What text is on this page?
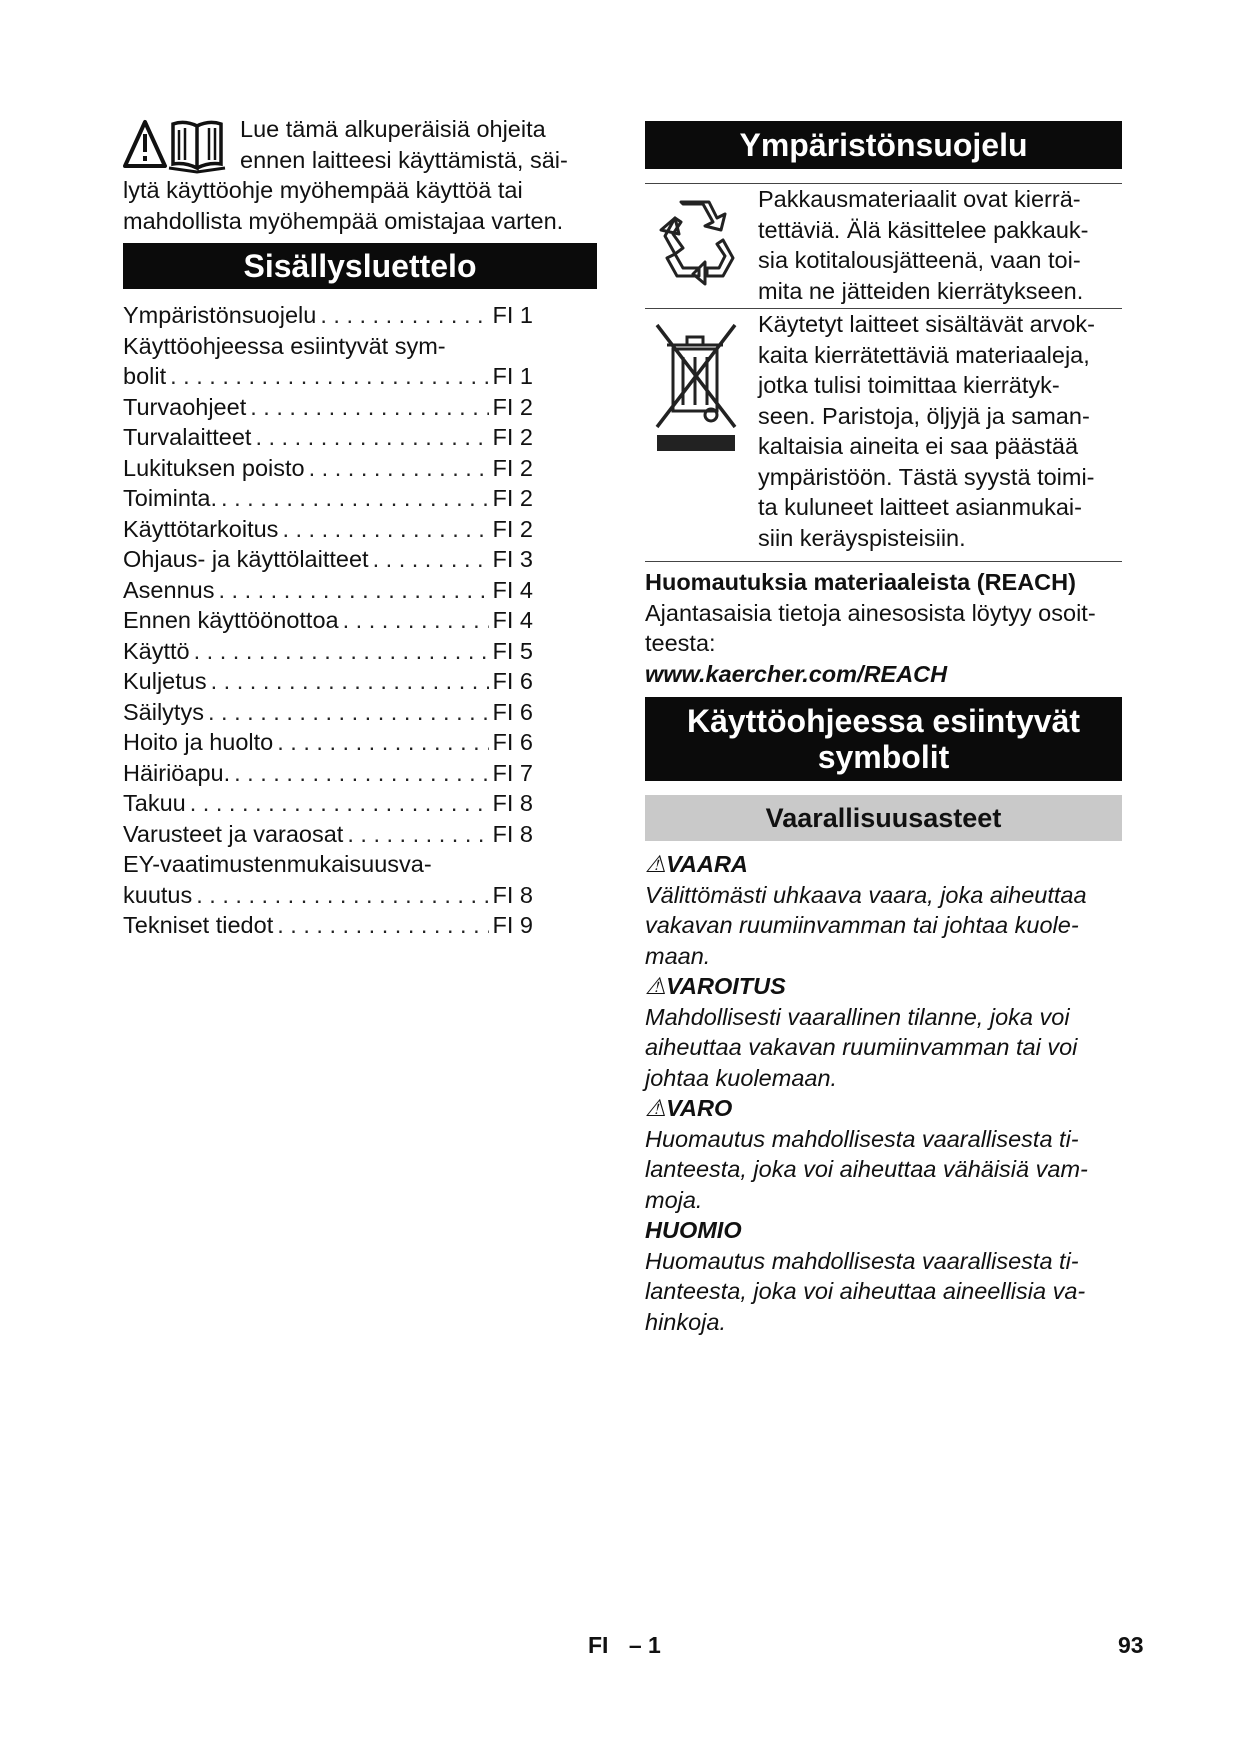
Lue tämä alkuperäisiä ohjeita
ennen laitteesi käyttämistä, säi-
lytä käyttöohje myöhempää käyttöä tai
mahdollista myöhempää omistajaa varten.
Sisällysluettelo
Ympäristönsuojelu . . .	FI 1
Käyttöohjeessa esiintyvät sym-
bolit . . .	FI 1
Turvaohjeet . . .	FI 2
Turvalaitteet . . .	FI 2
Lukituksen poisto . . .	FI 2
Toiminta. . . .	FI 2
Käyttötarkoitus . . .	FI 2
Ohjaus- ja käyttölaitteet . . .	FI 3
Asennus . . .	FI 4
Ennen käyttöönottoa . . .	FI 4
Käyttö . . .	FI 5
Kuljetus . . .	FI 6
Säilytys . . .	FI 6
Hoito ja huolto . . .	FI 6
Häiriöapu. . . .	FI 7
Takuu . . .	FI 8
Varusteet ja varaosat . . .	FI 8
EY-vaatimustenmukaisuusva-
kuutus . . .	FI 8
Tekniset tiedot . . .	FI 9
Ympäristönsuojelu
Pakkausmateriaalit ovat kierrä-
tettäviä. Älä käsittelee pakkauk-
sia kotitalousjätteenä, vaan toi-
mita ne jätteiden kierrätykseen.
Käytetyt laitteet sisältävät arvok-
kaita kierrätettäviä materiaaleja,
jotka tulisi toimittaa kierrätyk-
seen. Paristoja, öljyjä ja saman-
kaltaisia aineita ei saa päästää
ympäristöön. Tästä syystä toimi-
ta kuluneet laitteet asianmukai-
siin keräyspisteisiin.
Huomautuksia materiaaleista (REACH)
Ajantasaisia tietoja ainesosista löytyy osoit-
teesta:
www.kaercher.com/REACH
Käyttöohjeessa esiintyvät
symbolit
Vaarallisuusasteet
⚠VAARA
Välittömästi uhkaava vaara, joka aiheuttaa
vakavan ruumiinvamman tai johtaa kuole-
maan.
⚠VAROITUS
Mahdollisesti vaarallinen tilanne, joka voi
aiheuttaa vakavan ruumiinvamman tai voi
johtaa kuolemaan.
⚠VARO
Huomautus mahdollisesta vaarallisesta ti-
lanteesta, joka voi aiheuttaa vähäisiä vam-
moja.
HUOMIO
Huomautus mahdollisesta vaarallisesta ti-
lanteesta, joka voi aiheuttaa aineellisia va-
hinkoja.
FI – 1	93
